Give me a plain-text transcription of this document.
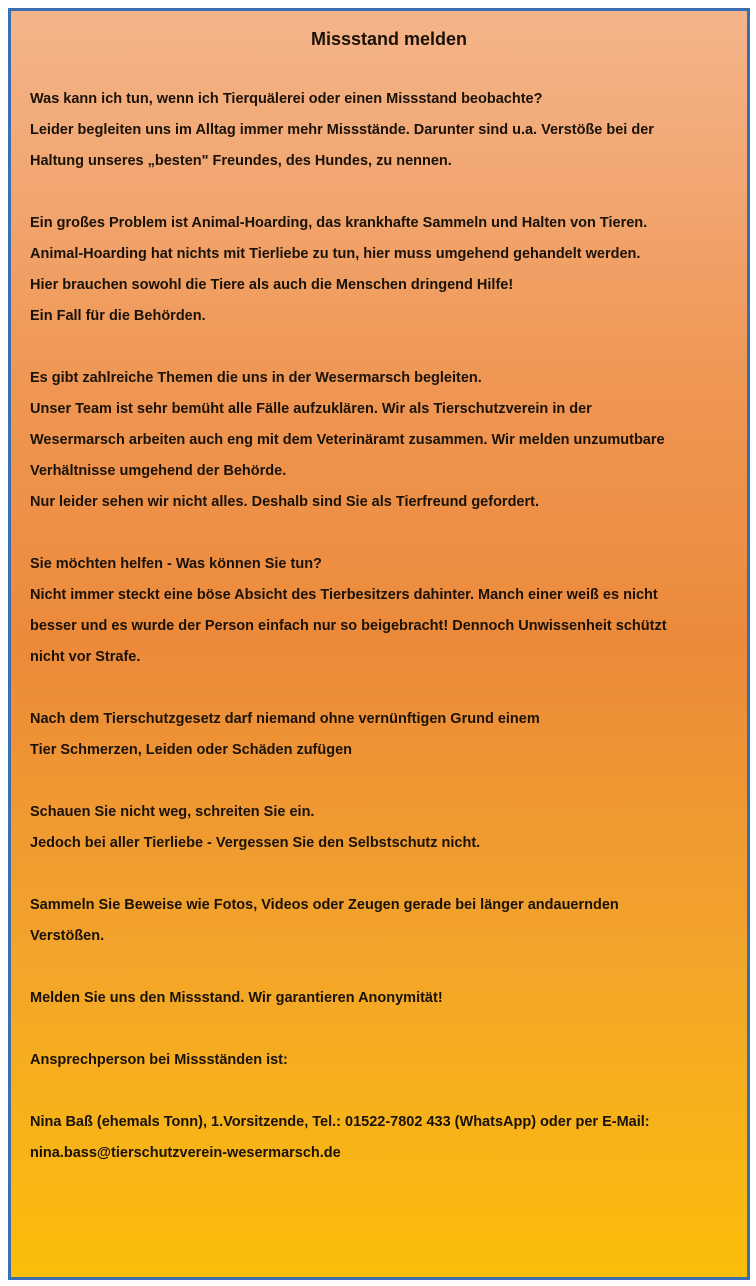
Missstand melden
Was kann ich tun, wenn ich Tierquälerei oder einen Missstand beobachte?
Leider begleiten uns im Alltag immer mehr Missstände. Darunter sind u.a. Verstöße bei der
Haltung unseres „besten" Freundes, des Hundes, zu nennen.
Ein großes Problem ist Animal-Hoarding, das krankhafte Sammeln und Halten von Tieren.
Animal-Hoarding hat nichts mit Tierliebe zu tun, hier muss umgehend gehandelt werden.
Hier brauchen sowohl die Tiere als auch die Menschen dringend Hilfe!
Ein Fall für die Behörden.
Es gibt zahlreiche Themen die uns in der Wesermarsch begleiten.
Unser Team ist sehr bemüht alle Fälle aufzuklären. Wir als Tierschutzverein in der
Wesermarsch arbeiten auch eng mit dem Veterinäramt zusammen. Wir melden unzumutbare
Verhältnisse umgehend der Behörde.
Nur leider sehen wir nicht alles. Deshalb sind Sie als Tierfreund gefordert.
Sie möchten helfen - Was können Sie tun?
Nicht immer steckt eine böse Absicht des Tierbesitzers dahinter. Manch einer weiß es nicht
besser und es wurde der Person einfach nur so beigebracht! Dennoch Unwissenheit schützt
nicht vor Strafe.
Nach dem Tierschutzgesetz darf niemand ohne vernünftigen Grund einem
Tier Schmerzen, Leiden oder Schäden zufügen
Schauen Sie nicht weg, schreiten Sie ein.
Jedoch bei aller Tierliebe - Vergessen Sie den Selbstschutz nicht.
Sammeln Sie Beweise wie Fotos, Videos oder Zeugen gerade bei länger andauernden
Verstößen.
Melden Sie uns den Missstand. Wir garantieren Anonymität!
Ansprechperson bei Missständen ist:
Nina Baß (ehemals Tonn), 1.Vorsitzende, Tel.: 01522-7802 433 (WhatsApp) oder per E-Mail:
nina.bass@tierschutzverein-wesermarsch.de
